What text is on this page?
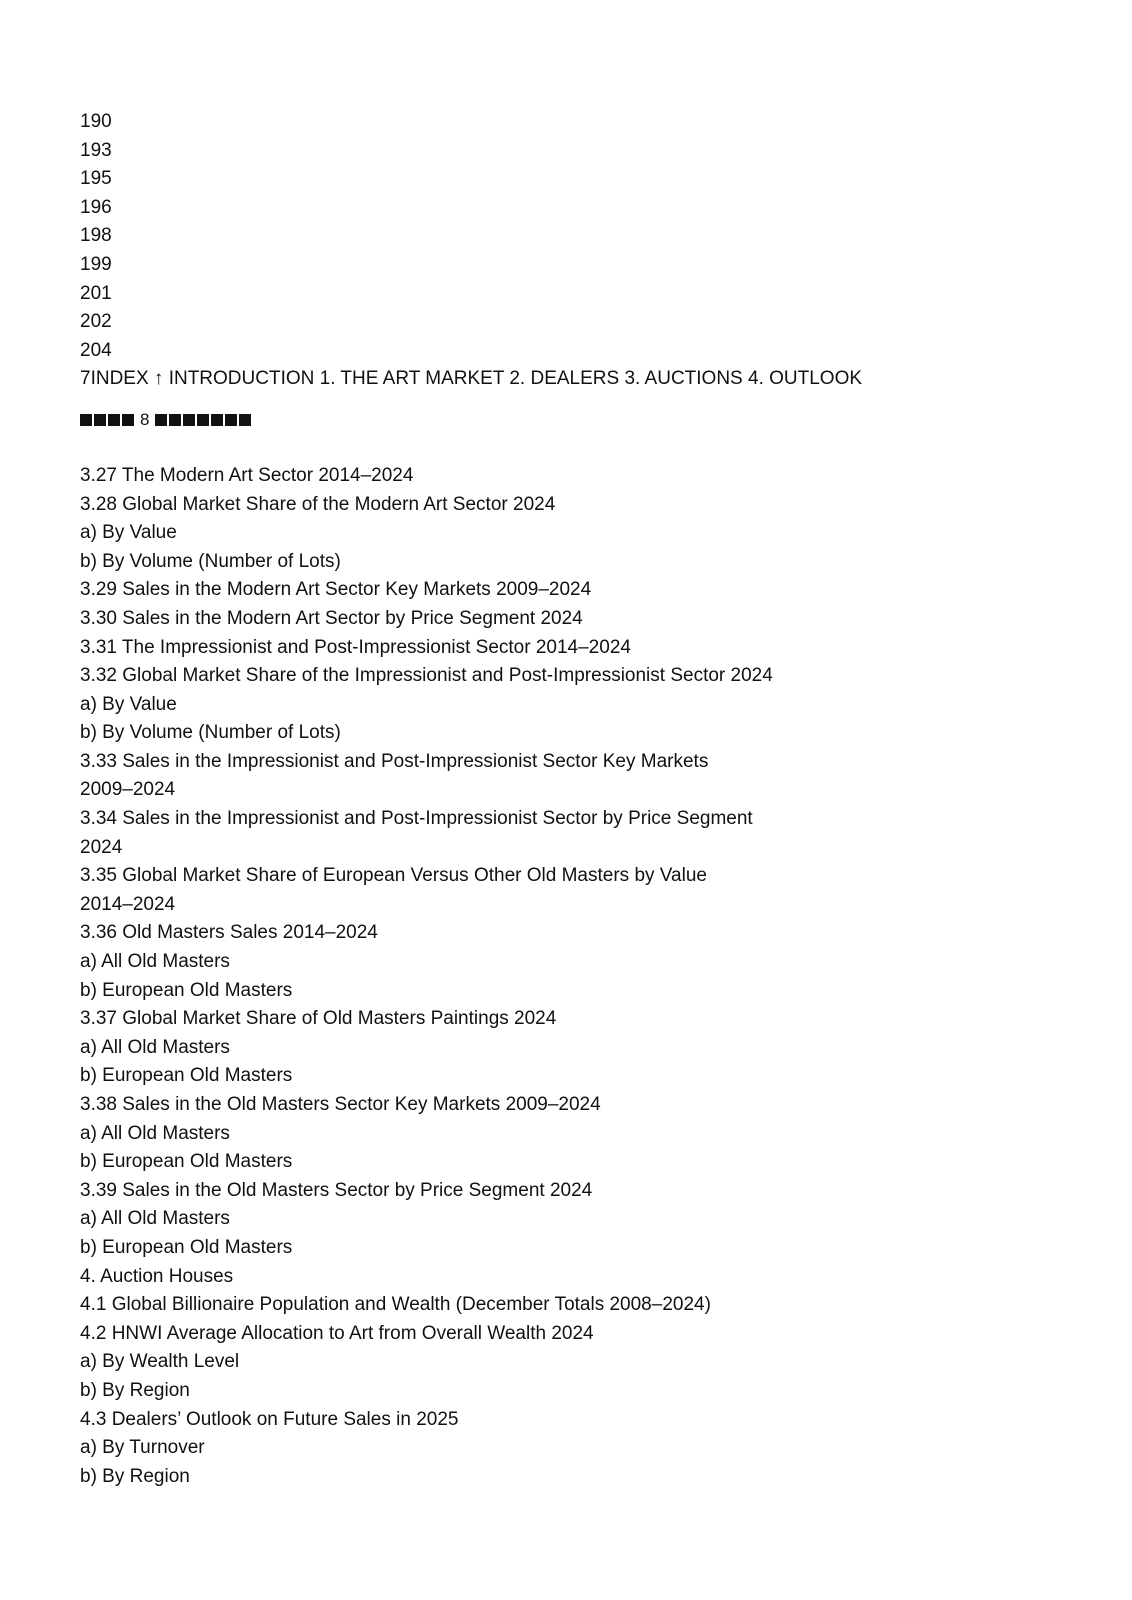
190
193
195
196
198
199
201
202
204
7INDEX ↑ INTRODUCTION 1. THE ART MARKET 2. DEALERS 3. AUCTIONS 4. OUTLOOK
8
3.27 The Modern Art Sector 2014–2024
3.28 Global Market Share of the Modern Art Sector 2024
a) By Value
b) By Volume (Number of Lots)
3.29 Sales in the Modern Art Sector Key Markets 2009–2024
3.30 Sales in the Modern Art Sector by Price Segment 2024
3.31 The Impressionist and Post-Impressionist Sector 2014–2024
3.32 Global Market Share of the Impressionist and Post-Impressionist Sector 2024
a) By Value
b) By Volume (Number of Lots)
3.33 Sales in the Impressionist and Post-Impressionist Sector Key Markets
2009–2024
3.34 Sales in the Impressionist and Post-Impressionist Sector by Price Segment
2024
3.35 Global Market Share of European Versus Other Old Masters by Value
2014–2024
3.36 Old Masters Sales 2014–2024
a) All Old Masters
b) European Old Masters
3.37 Global Market Share of Old Masters Paintings 2024
a) All Old Masters
b) European Old Masters
3.38 Sales in the Old Masters Sector Key Markets 2009–2024
a) All Old Masters
b) European Old Masters
3.39 Sales in the Old Masters Sector by Price Segment 2024
a) All Old Masters
b) European Old Masters
4. Auction Houses
4.1 Global Billionaire Population and Wealth (December Totals 2008–2024)
4.2 HNWI Average Allocation to Art from Overall Wealth 2024
a) By Wealth Level
b) By Region
4.3 Dealers’ Outlook on Future Sales in 2025
a) By Turnover
b) By Region
